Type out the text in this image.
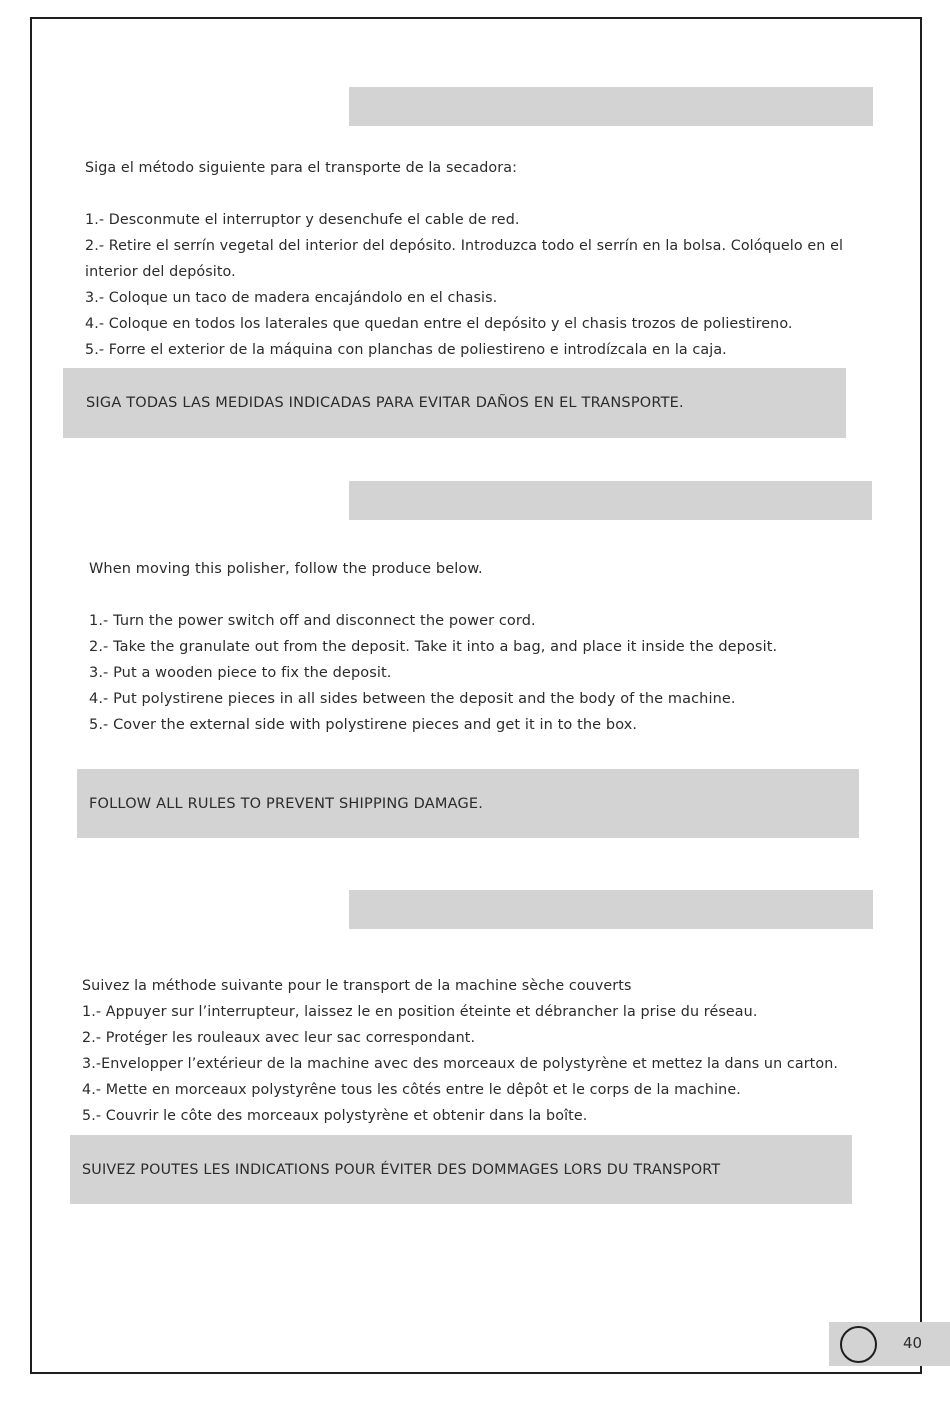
Siga el método siguiente para el transporte de la secadora:

1.- Desconmute el interruptor y desenchufe el cable de red.

2.- Retire el serrín vegetal del interior del depósito. Introduzca todo el serrín en la bolsa. Colóquelo en el interior del depósito.

3.- Coloque un taco de madera encajándolo en el chasis.

4.- Coloque en todos los laterales que quedan entre el depósito y el chasis trozos de poliestireno.

5.- Forre el exterior de la máquina con planchas de poliestireno e introdízcala en la caja.

SIGA TODAS LAS MEDIDAS INDICADAS PARA EVITAR DAÑOS EN EL TRANSPORTE.

When moving this polisher, follow the produce below.

1.- Turn the power switch off and disconnect the power cord.

2.- Take the granulate out from the deposit. Take it into a bag, and place it inside the deposit.

3.- Put a wooden piece to fix the deposit.

4.- Put polystirene pieces in all sides between the deposit and the body of the machine.

5.- Cover the external side with polystirene pieces and get it in to the box.

FOLLOW ALL RULES TO PREVENT SHIPPING DAMAGE.

Suivez la méthode suivante pour le transport de la machine sèche couverts

1.- Appuyer sur l’interrupteur, laissez le en position éteinte et débrancher la prise du réseau.

2.- Protéger les rouleaux avec leur sac correspondant.

3.-Envelopper l’extérieur de la machine avec des morceaux de polystyrène et mettez la dans un carton.

4.- Mette en morceaux polystyrêne tous les côtés entre le dêpôt et le corps de la machine.

5.- Couvrir le côte des morceaux polystyrène et obtenir dans la boîte.

SUIVEZ POUTES LES INDICATIONS POUR ÉVITER DES DOMMAGES LORS DU TRANSPORT
40
